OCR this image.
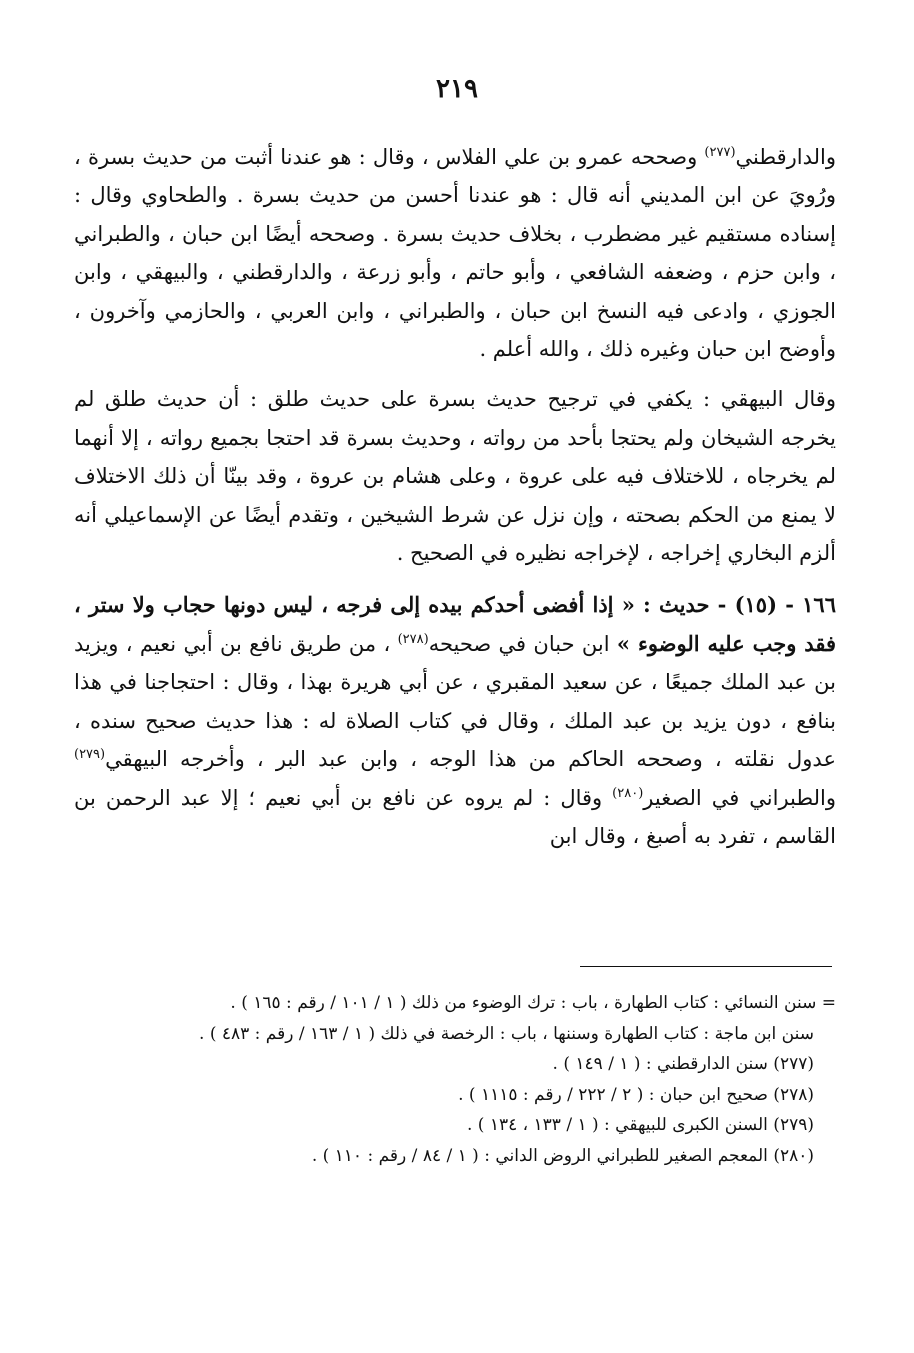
٢١٩

والدارقطني$^{(٢٧٧)}$ وصححه عمرو بن علي الفلاس ، وقال : هو عندنا أثبت من حديث بسرة ، ورُويَ عن ابن المديني أنه قال : هو عندنا أحسن من حديث بسرة . والطحاوي وقال : إسناده مستقيم غير مضطرب ، بخلاف حديث بسرة . وصححه أيضًا ابن حبان ، والطبراني ، وابن حزم ، وضعفه الشافعي ، وأبو حاتم ، وأبو زرعة ، والدارقطني ، والبيهقي ، وابن الجوزي ، وادعى فيه النسخ ابن حبان ، والطبراني ، وابن العربي ، والحازمي وآخرون ، وأوضح ابن حبان وغيره ذلك ، والله أعلم .

وقال البيهقي : يكفي في ترجيح حديث بسرة على حديث طلق : أن حديث طلق لم يخرجه الشيخان ولم يحتجا بأحد من رواته ، وحديث بسرة قد احتجا بجميع رواته ، إلا أنهما لم يخرجاه ، للاختلاف فيه على عروة ، وعلى هشام بن عروة ، وقد بينّا أن ذلك الاختلاف لا يمنع من الحكم بصحته ، وإن نزل عن شرط الشيخين ، وتقدم أيضًا عن الإسماعيلي أنه ألزم البخاري إخراجه ، لإخراجه نظيره في الصحيح .

١٦٦ - (١٥) - حديث : « إذا أفضى أحدكم بيده إلى فرجه ، ليس دونها حجاب ولا ستر ، فقد وجب عليه الوضوء » ابن حبان في صحيحه$^{(٢٧٨)}$ ، من طريق نافع بن أبي نعيم ، ويزيد بن عبد الملك جميعًا ، عن سعيد المقبري ، عن أبي هريرة بهذا ، وقال : احتجاجنا في هذا بنافع ، دون يزيد بن عبد الملك ، وقال في كتاب الصلاة له : هذا حديث صحيح سنده ، عدول نقلته ، وصححه الحاكم من هذا الوجه ، وابن عبد البر ، وأخرجه البيهقي$^{(٢٧٩)}$ والطبراني في الصغير$^{(٢٨٠)}$ وقال : لم يروه عن نافع بن أبي نعيم ؛ إلا عبد الرحمن بن القاسم ، تفرد به أصبغ ، وقال ابن

= سنن النسائي : كتاب الطهارة ، باب : ترك الوضوء من ذلك ( ١ / ١٠١ / رقم : ١٦٥ ) .

سنن ابن ماجة : كتاب الطهارة وسننها ، باب : الرخصة في ذلك ( ١ / ١٦٣ / رقم : ٤٨٣ ) .

(٢٧٧) سنن الدارقطني : ( ١ / ١٤٩ ) .

(٢٧٨) صحيح ابن حبان : ( ٢ / ٢٢٢ / رقم : ١١١٥ ) .

(٢٧٩) السنن الكبرى للبيهقي : ( ١ / ١٣٣ ، ١٣٤ ) .

(٢٨٠) المعجم الصغير للطبراني الروض الداني : ( ١ / ٨٤ / رقم : ١١٠ ) .
